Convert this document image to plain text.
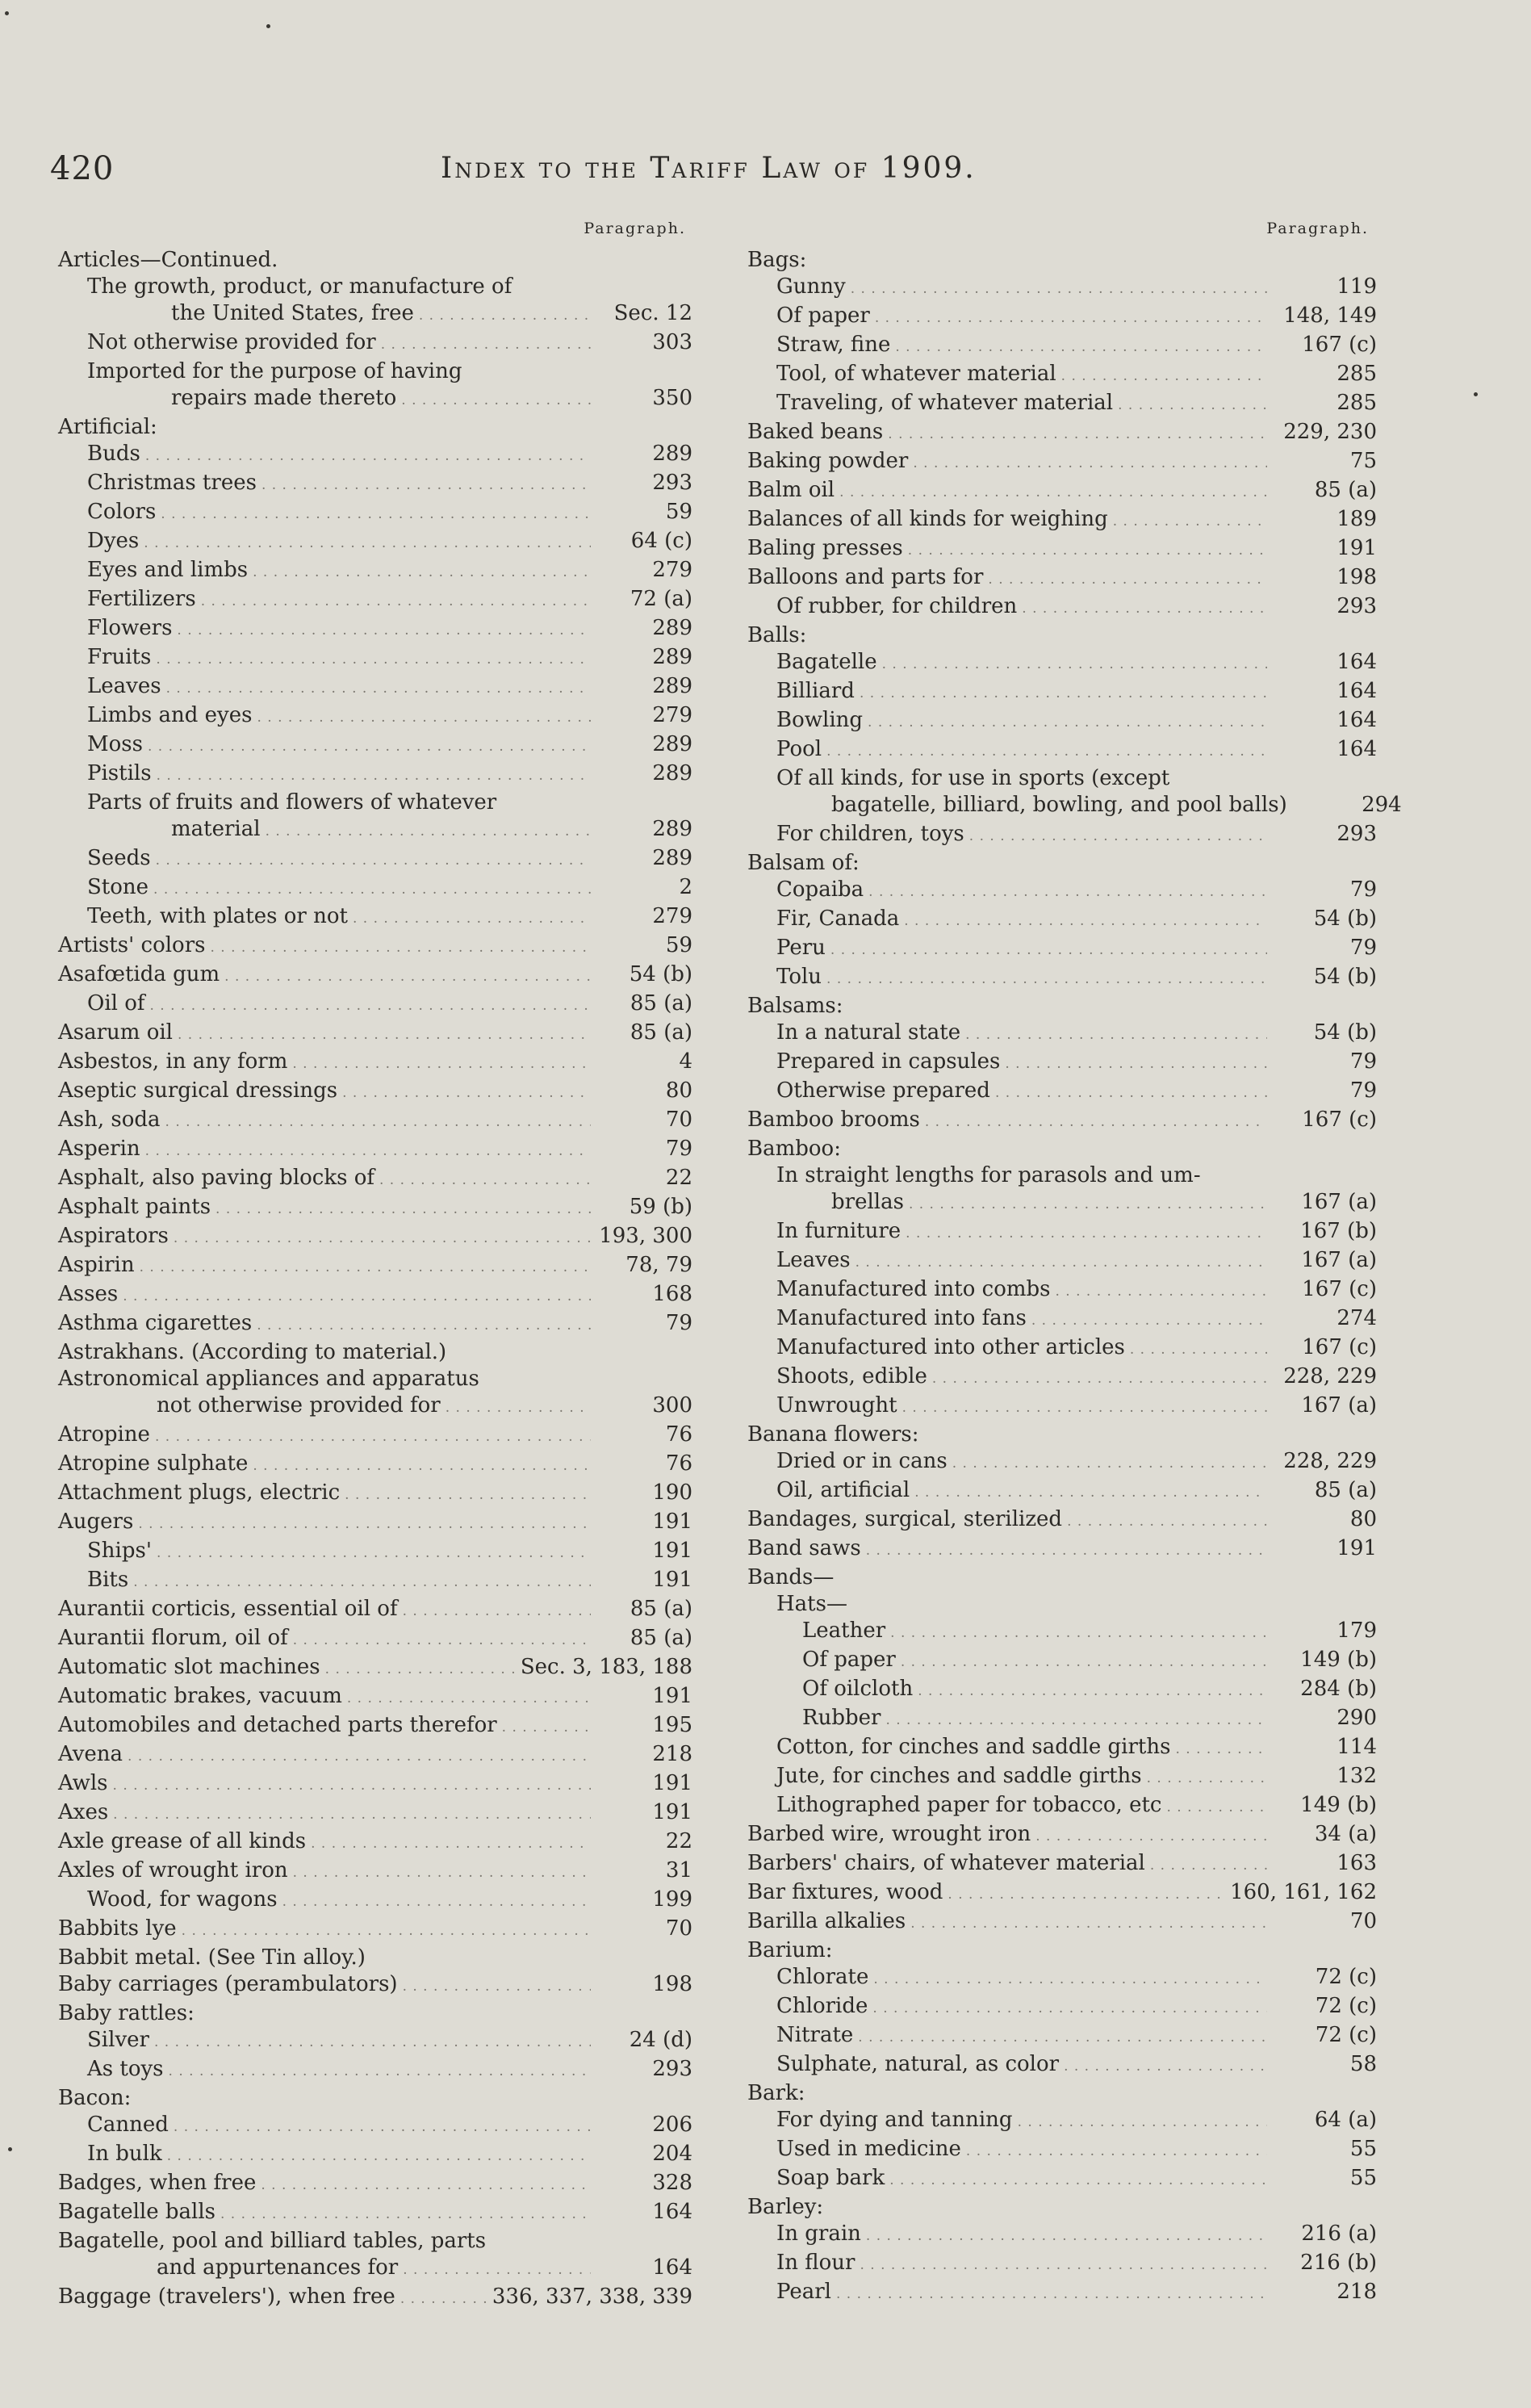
420	Index to the Tariff Law of 1909.
Paragraph.
Articles—Continued.
The growth, product, or manufacture of
the United States, free . . .	Sec. 12
Not otherwise provided for . . .	303
Imported for the purpose of having
repairs made thereto . . .	350
Artificial:
Buds . . .	289
Christmas trees . . .	293
Colors . . .	59
Dyes . . .	64 (c)
Eyes and limbs . . .	279
Fertilizers . . .	72 (a)
Flowers . . .	289
Fruits . . .	289
Leaves . . .	289
Limbs and eyes . . .	279
Moss . . .	289
Pistils . . .	289
Parts of fruits and flowers of whatever
material . . .	289
Seeds . . .	289
Stone . . .	2
Teeth, with plates or not . . .	279
Artists' colors . . .	59
Asafœtida gum . . .	54 (b)
Oil of . . .	85 (a)
Asarum oil . . .	85 (a)
Asbestos, in any form . . .	4
Aseptic surgical dressings . . .	80
Ash, soda . . .	70
Asperin . . .	79
Asphalt, also paving blocks of . . .	22
Asphalt paints . . .	59 (b)
Aspirators . . .	193, 300
Aspirin . . .	78, 79
Asses . . .	168
Asthma cigarettes . . .	79
Astrakhans. (According to material.)
Astronomical appliances and apparatus
not otherwise provided for . . .	300
Atropine . . .	76
Atropine sulphate . . .	76
Attachment plugs, electric . . .	190
Augers . . .	191
Ships' . . .	191
Bits . . .	191
Aurantii corticis, essential oil of . . .	85 (a)
Aurantii florum, oil of . . .	85 (a)
Automatic slot machines . . .	Sec. 3, 183, 188
Automatic brakes, vacuum . . .	191
Automobiles and detached parts therefor . . .	195
Avena . . .	218
Awls . . .	191
Axes . . .	191
Axle grease of all kinds . . .	22
Axles of wrought iron . . .	31
Wood, for wagons . . .	199
Babbits lye . . .	70
Babbit metal. (See Tin alloy.)
Baby carriages (perambulators) . . .	198
Baby rattles:
Silver . . .	24 (d)
As toys . . .	293
Bacon:
Canned . . .	206
In bulk . . .	204
Badges, when free . . .	328
Bagatelle balls . . .	164
Bagatelle, pool and billiard tables, parts
and appurtenances for . . .	164
Baggage (travelers'), when free . . .	336, 337, 338, 339
Paragraph.
Bags:
Gunny . . .	119
Of paper . . .	148, 149
Straw, fine . . .	167 (c)
Tool, of whatever material . . .	285
Traveling, of whatever material . . .	285
Baked beans . . .	229, 230
Baking powder . . .	75
Balm oil . . .	85 (a)
Balances of all kinds for weighing . . .	189
Baling presses . . .	191
Balloons and parts for . . .	198
Of rubber, for children . . .	293
Balls:
Bagatelle . . .	164
Billiard . . .	164
Bowling . . .	164
Pool . . .	164
Of all kinds, for use in sports (except
bagatelle, billiard, bowling, and pool balls)	294
For children, toys . . .	293
Balsam of:
Copaiba . . .	79
Fir, Canada . . .	54 (b)
Peru . . .	79
Tolu . . .	54 (b)
Balsams:
In a natural state . . .	54 (b)
Prepared in capsules . . .	79
Otherwise prepared . . .	79
Bamboo brooms . . .	167 (c)
Bamboo:
In straight lengths for parasols and um-
brellas . . .	167 (a)
In furniture . . .	167 (b)
Leaves . . .	167 (a)
Manufactured into combs . . .	167 (c)
Manufactured into fans . . .	274
Manufactured into other articles . . .	167 (c)
Shoots, edible . . .	228, 229
Unwrought . . .	167 (a)
Banana flowers:
Dried or in cans . . .	228, 229
Oil, artificial . . .	85 (a)
Bandages, surgical, sterilized . . .	80
Band saws . . .	191
Bands—
Hats—
Leather . . .	179
Of paper . . .	149 (b)
Of oilcloth . . .	284 (b)
Rubber . . .	290
Cotton, for cinches and saddle girths . . .	114
Jute, for cinches and saddle girths . . .	132
Lithographed paper for tobacco, etc . . .	149 (b)
Barbed wire, wrought iron . . .	34 (a)
Barbers' chairs, of whatever material . . .	163
Bar fixtures, wood . . .	160, 161, 162
Barilla alkalies . . .	70
Barium:
Chlorate . . .	72 (c)
Chloride . . .	72 (c)
Nitrate . . .	72 (c)
Sulphate, natural, as color . . .	58
Bark:
For dying and tanning . . .	64 (a)
Used in medicine . . .	55
Soap bark . . .	55
Barley:
In grain . . .	216 (a)
In flour . . .	216 (b)
Pearl . . .	218
